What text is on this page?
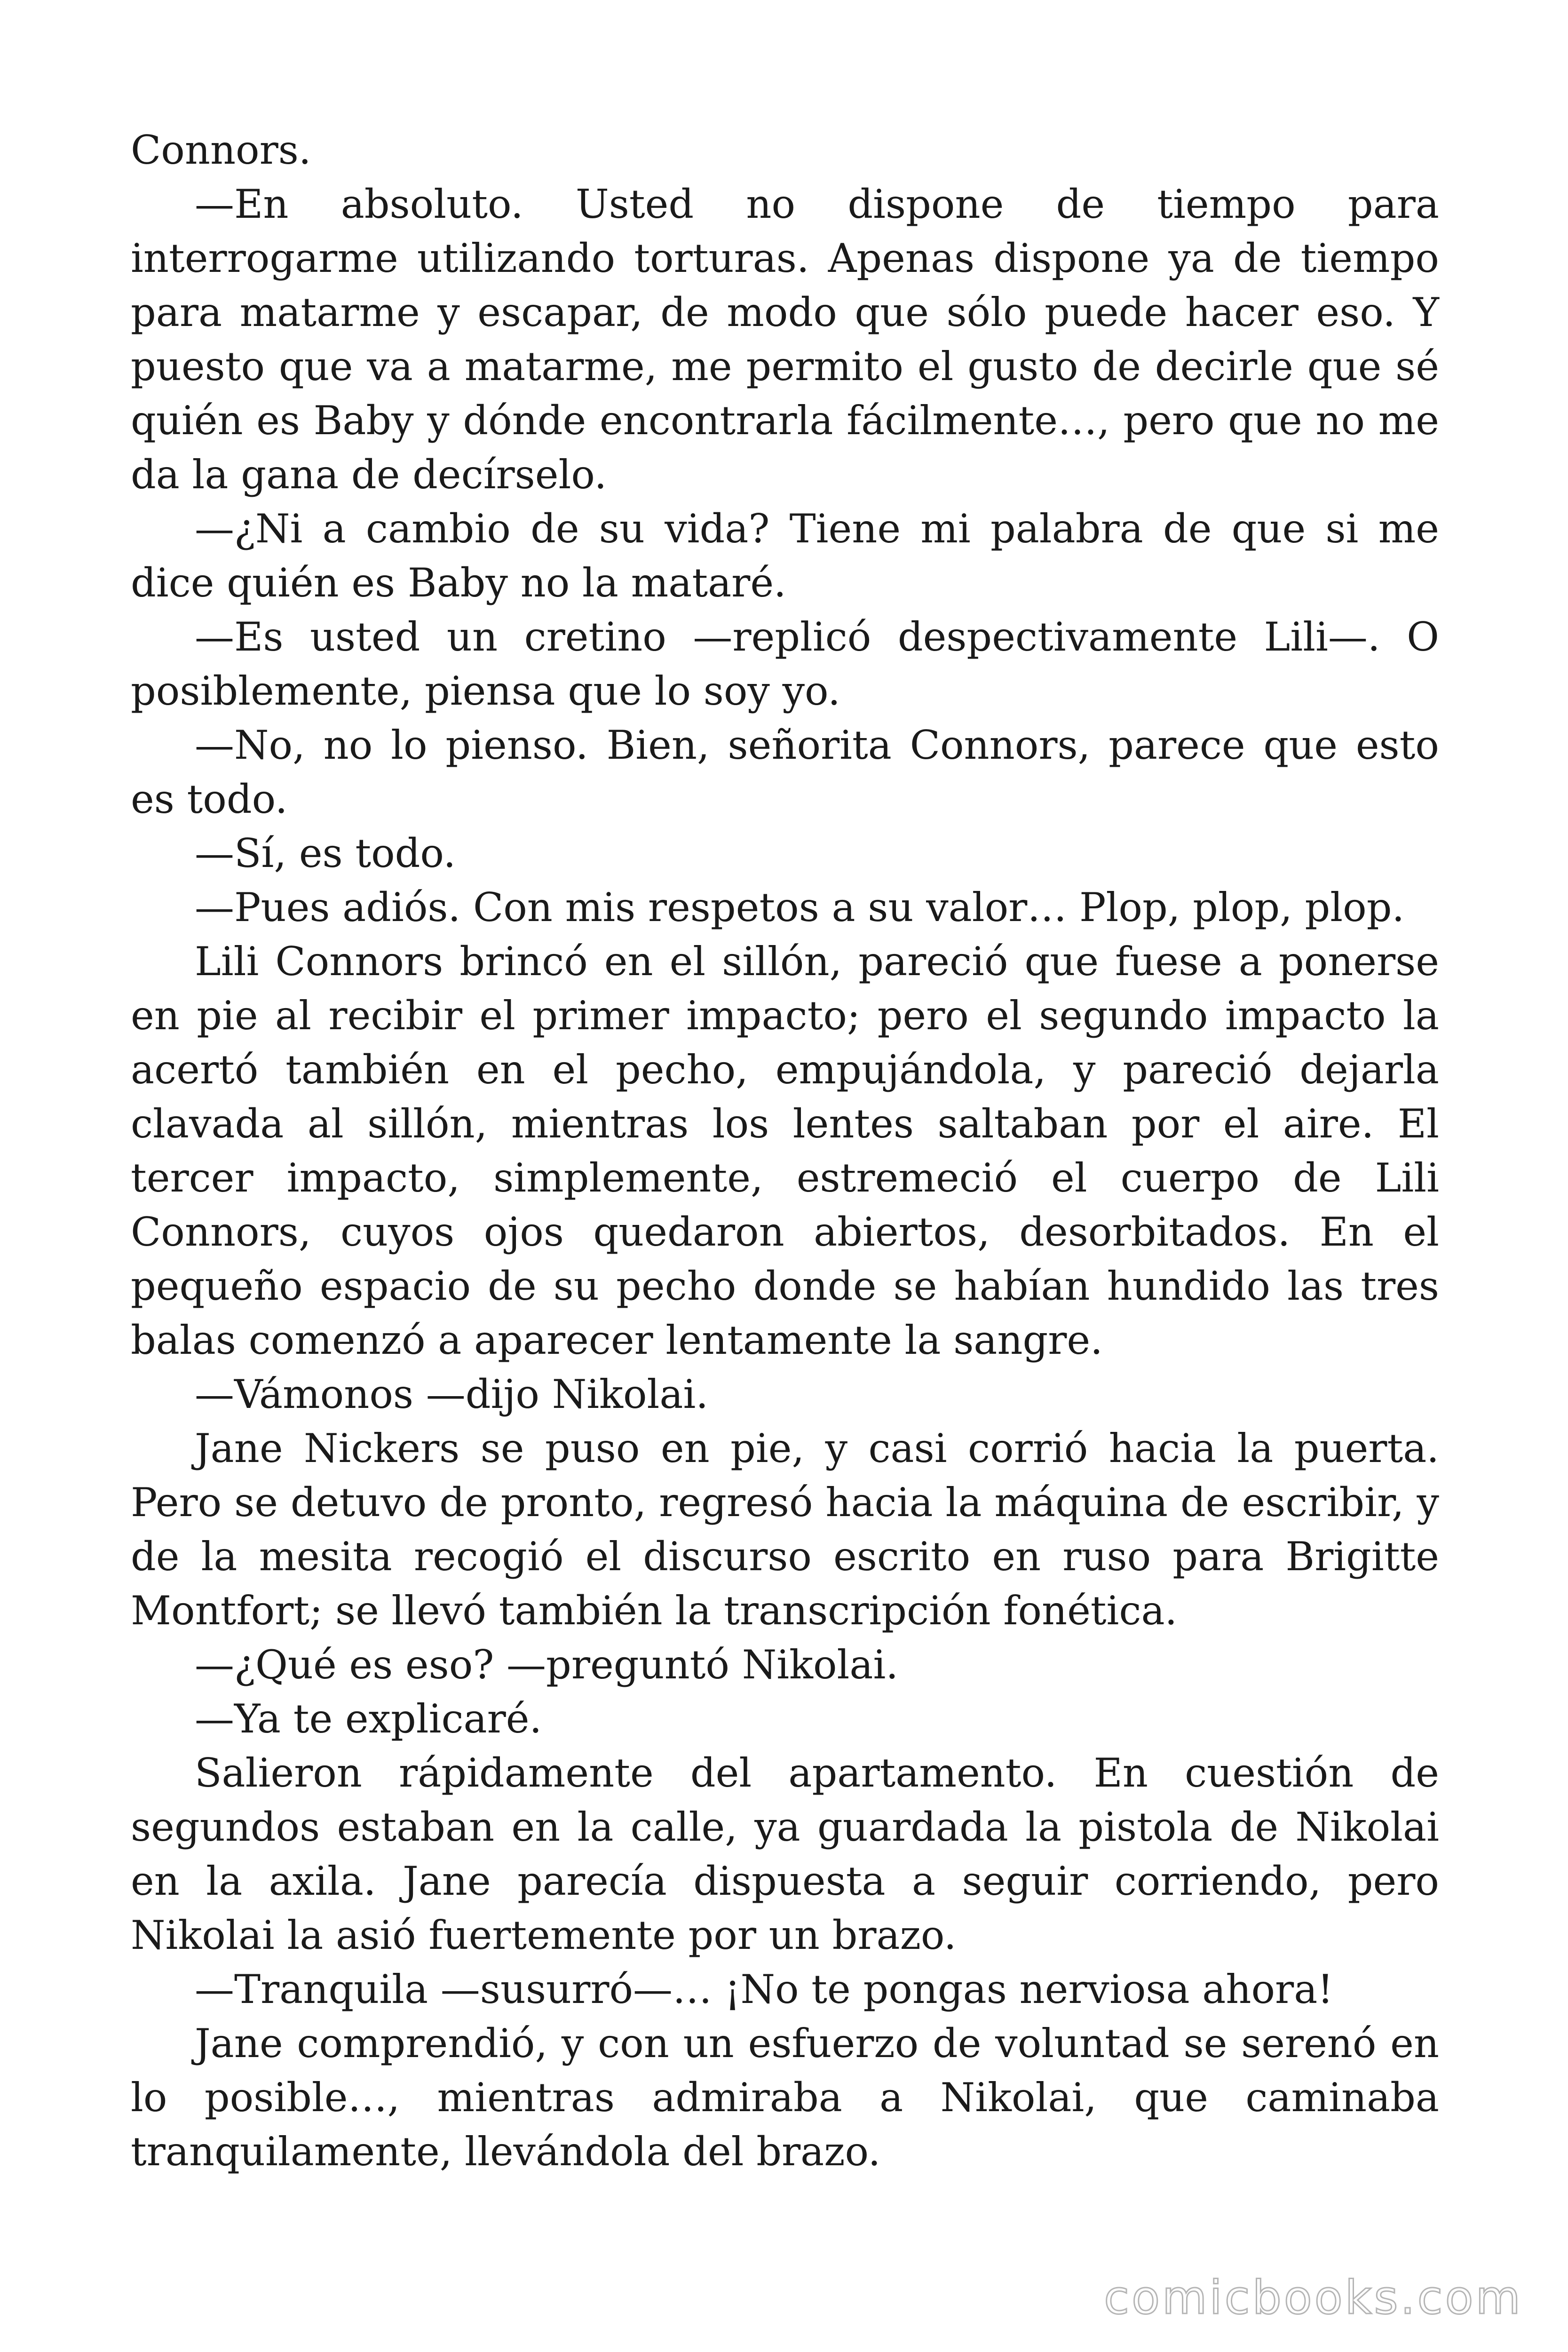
Connors.

—En absoluto. Usted no dispone de tiempo para interrogarme utilizando torturas. Apenas dispone ya de tiempo para matarme y escapar, de modo que sólo puede hacer eso. Y puesto que va a matarme, me permito el gusto de decirle que sé quién es Baby y dónde encontrarla fácilmente…, pero que no me da la gana de decírselo.

—¿Ni a cambio de su vida? Tiene mi palabra de que si me dice quién es Baby no la mataré.

—Es usted un cretino —replicó despectivamente Lili—. O posiblemente, piensa que lo soy yo.

—No, no lo pienso. Bien, señorita Connors, parece que esto es todo.

—Sí, es todo.

—Pues adiós. Con mis respetos a su valor… Plop, plop, plop.

Lili Connors brincó en el sillón, pareció que fuese a ponerse en pie al recibir el primer impacto; pero el segundo impacto la acertó también en el pecho, empujándola, y pareció dejarla clavada al sillón, mientras los lentes saltaban por el aire. El tercer impacto, simplemente, estremeció el cuerpo de Lili Connors, cuyos ojos quedaron abiertos, desorbitados. En el pequeño espacio de su pecho donde se habían hundido las tres balas comenzó a aparecer lentamente la sangre.

—Vámonos —dijo Nikolai.

Jane Nickers se puso en pie, y casi corrió hacia la puerta. Pero se detuvo de pronto, regresó hacia la máquina de escribir, y de la mesita recogió el discurso escrito en ruso para Brigitte Montfort; se llevó también la transcripción fonética.

—¿Qué es eso? —preguntó Nikolai.

—Ya te explicaré.

Salieron rápidamente del apartamento. En cuestión de segundos estaban en la calle, ya guardada la pistola de Nikolai en la axila. Jane parecía dispuesta a seguir corriendo, pero Nikolai la asió fuertemente por un brazo.

—Tranquila —susurró—… ¡No te pongas nerviosa ahora!

Jane comprendió, y con un esfuerzo de voluntad se serenó en lo posible…, mientras admiraba a Nikolai, que caminaba tranquilamente, llevándola del brazo.

comicbooks.com
